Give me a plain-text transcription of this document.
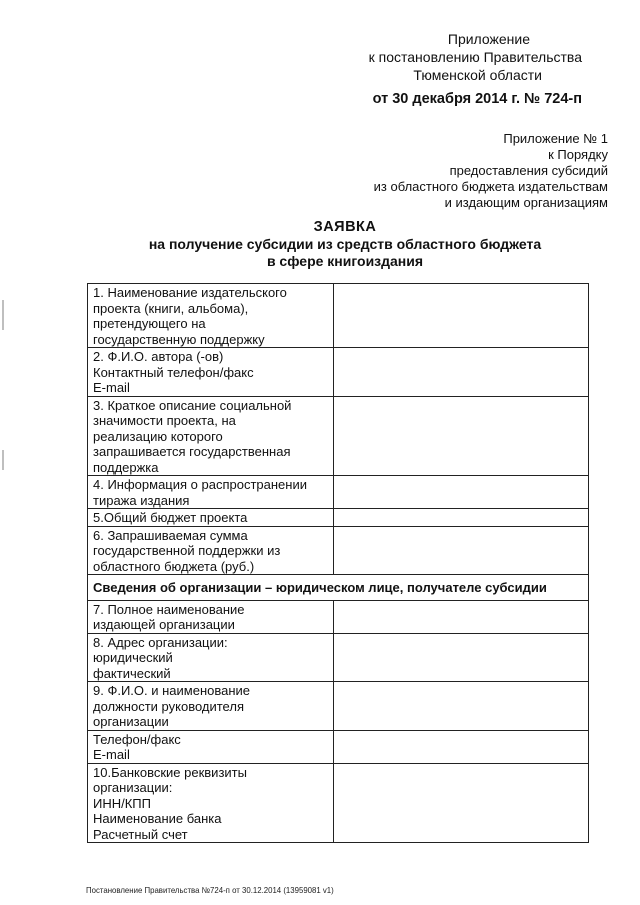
Приложение
к постановлению Правительства
Тюменской области
от 30 декабря 2014 г. № 724-п
Приложение № 1
к Порядку
предоставления субсидий
из областного бюджета издательствам
и издающим организациям
ЗАЯВКА
на получение субсидии из средств областного бюджета
в сфере книгоиздания
1. Наименование издательского
проекта (книги, альбома),
претендующего на
государственную поддержку	

2. Ф.И.О. автора (-ов)
Контактный телефон/факс
E-mail	

3. Краткое описание социальной
значимости проекта, на
реализацию которого
запрашивается государственная
поддержка	

4. Информация о распространении
тиража издания	

5.Общий бюджет проекта	

6. Запрашиваемая сумма
государственной поддержки из
областного бюджета (руб.)	

Сведения об организации – юридическом лице, получателе субсидии	

7. Полное наименование
издающей организации	

8. Адрес организации:
юридический
фактический	

9. Ф.И.О. и наименование
должности руководителя
организации	

Телефон/факс
E-mail	

10.Банковские реквизиты
организации:
ИНН/КПП
Наименование банка
Расчетный счет	

Постановление Правительства №724-п от 30.12.2014 (13959081 v1)
